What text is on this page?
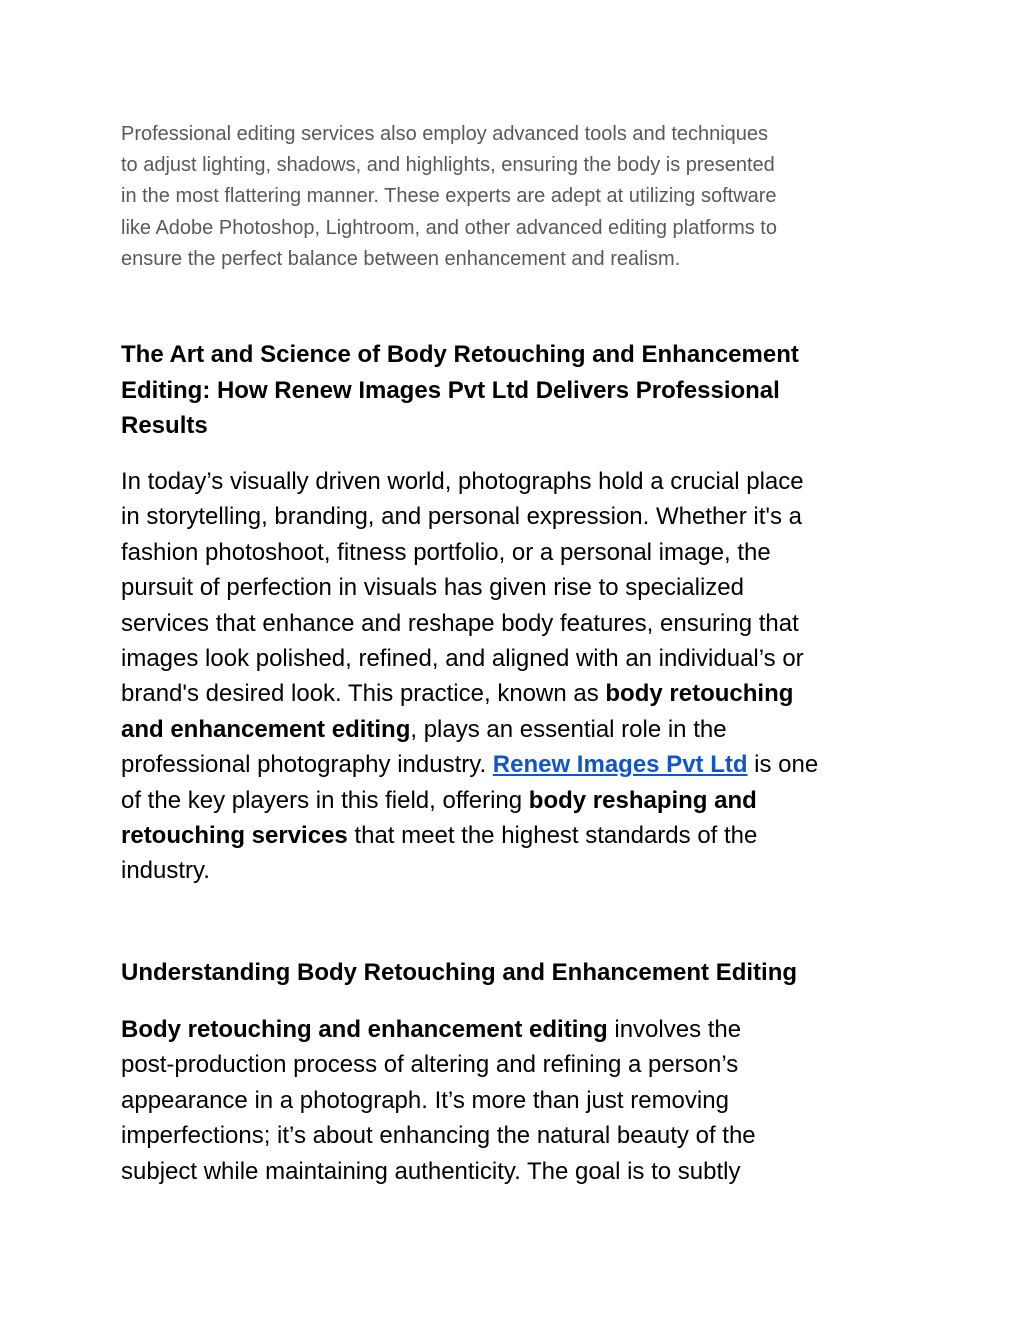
Professional editing services also employ advanced tools and techniques
to adjust lighting, shadows, and highlights, ensuring the body is presented
in the most flattering manner. These experts are adept at utilizing software
like Adobe Photoshop, Lightroom, and other advanced editing platforms to
ensure the perfect balance between enhancement and realism.

The Art and Science of Body Retouching and Enhancement
Editing: How Renew Images Pvt Ltd Delivers Professional
Results

In today’s visually driven world, photographs hold a crucial place
in storytelling, branding, and personal expression. Whether it's a
fashion photoshoot, fitness portfolio, or a personal image, the
pursuit of perfection in visuals has given rise to specialized
services that enhance and reshape body features, ensuring that
images look polished, refined, and aligned with an individual’s or
brand's desired look. This practice, known as body retouching
and enhancement editing, plays an essential role in the
professional photography industry. Renew Images Pvt Ltd is one
of the key players in this field, offering body reshaping and
retouching services that meet the highest standards of the
industry.

Understanding Body Retouching and Enhancement Editing

Body retouching and enhancement editing involves the
post-production process of altering and refining a person’s
appearance in a photograph. It’s more than just removing
imperfections; it’s about enhancing the natural beauty of the
subject while maintaining authenticity. The goal is to subtly
